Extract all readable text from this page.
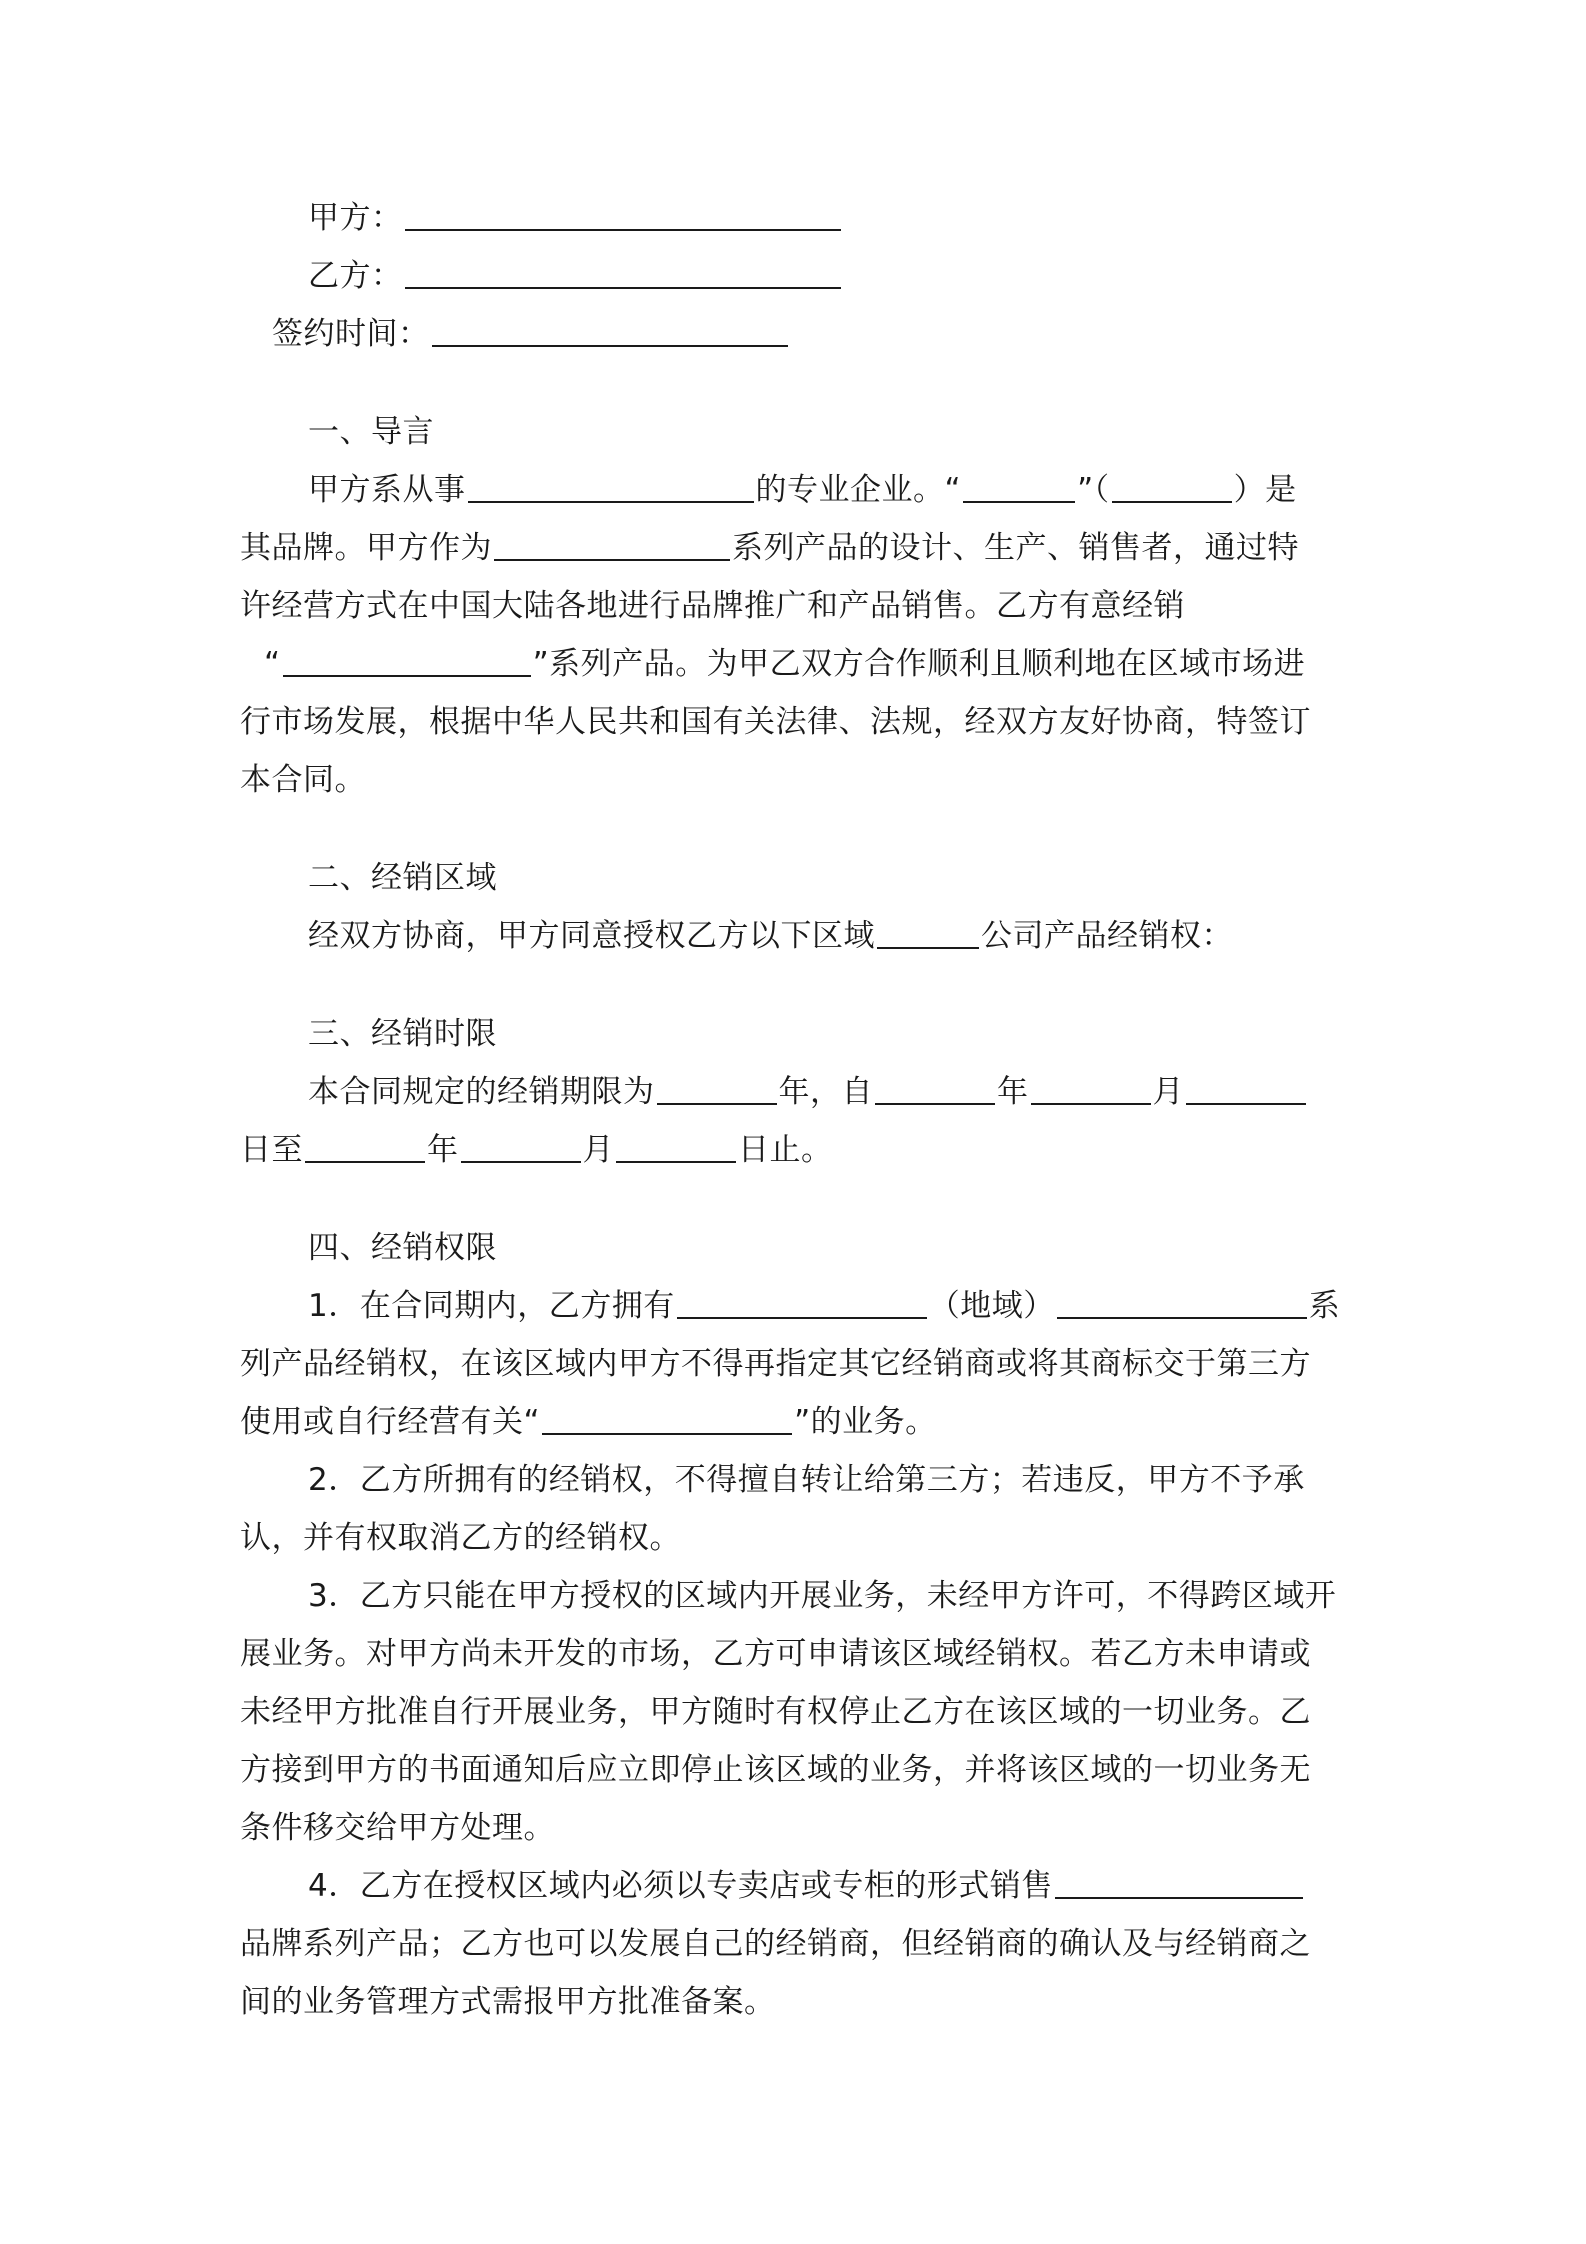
甲方：
乙方：
签约时间：
一、导言
甲方系从事	的专业企业。“	”（	）是
其品牌。甲方作为	系列产品的设计、生产、销售者，通过特
许经营方式在中国大陆各地进行品牌推广和产品销售。乙方有意经销
“	”系列产品。为甲乙双方合作顺利且顺利地在区域市场进
行市场发展，根据中华人民共和国有关法律、法规，经双方友好协商，特签订
本合同。
二、经销区域
经双方协商，甲方同意授权乙方以下区域	公司产品经销权：
三、经销时限
本合同规定的经销期限为	年，自	年	月
日至	年	月	日止。
四、经销权限
1．在合同期内，乙方拥有	（地域）	系
列产品经销权，在该区域内甲方不得再指定其它经销商或将其商标交于第三方
使用或自行经营有关“	”的业务。
2．乙方所拥有的经销权，不得擅自转让给第三方；若违反，甲方不予承
认，并有权取消乙方的经销权。
3．乙方只能在甲方授权的区域内开展业务，未经甲方许可，不得跨区域开
展业务。对甲方尚未开发的市场，乙方可申请该区域经销权。若乙方未申请或
未经甲方批准自行开展业务，甲方随时有权停止乙方在该区域的一切业务。乙
方接到甲方的书面通知后应立即停止该区域的业务，并将该区域的一切业务无
条件移交给甲方处理。
4．乙方在授权区域内必须以专卖店或专柜的形式销售
品牌系列产品；乙方也可以发展自己的经销商，但经销商的确认及与经销商之
间的业务管理方式需报甲方批准备案。
